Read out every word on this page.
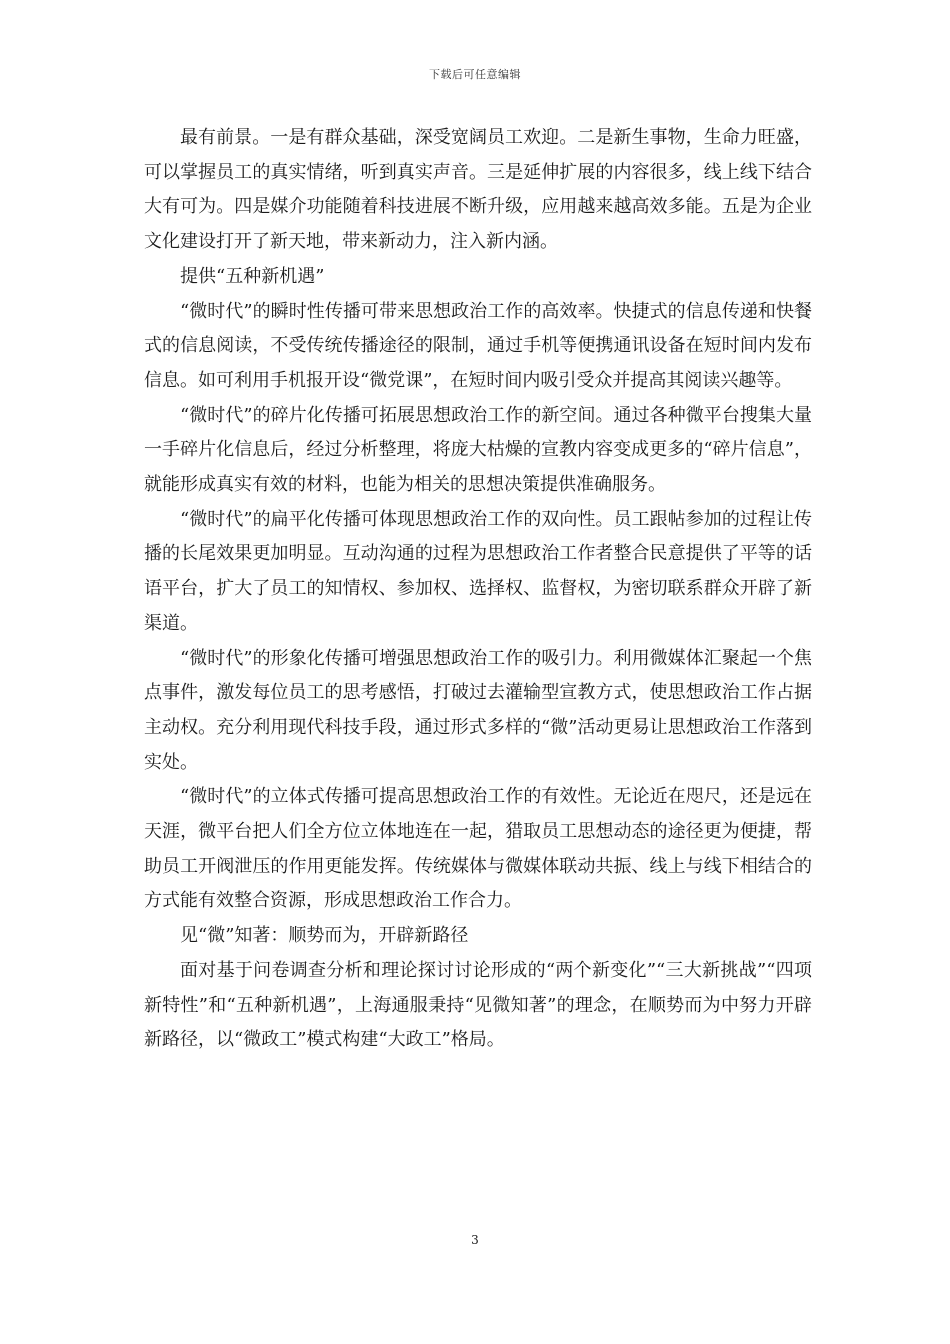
下载后可任意编辑

最有前景。一是有群众基础，深受宽阔员工欢迎。二是新生事物，生命力旺盛，可以掌握员工的真实情绪，听到真实声音。三是延伸扩展的内容很多，线上线下结合大有可为。四是媒介功能随着科技进展不断升级，应用越来越高效多能。五是为企业文化建设打开了新天地，带来新动力，注入新内涵。

提供“五种新机遇”

“微时代”的瞬时性传播可带来思想政治工作的高效率。快捷式的信息传递和快餐式的信息阅读，不受传统传播途径的限制，通过手机等便携通讯设备在短时间内发布信息。如可利用手机报开设“微党课”，在短时间内吸引受众并提高其阅读兴趣等。

“微时代”的碎片化传播可拓展思想政治工作的新空间。通过各种微平台搜集大量一手碎片化信息后，经过分析整理，将庞大枯燥的宣教内容变成更多的“碎片信息”，就能形成真实有效的材料，也能为相关的思想决策提供准确服务。

“微时代”的扁平化传播可体现思想政治工作的双向性。员工跟帖参加的过程让传播的长尾效果更加明显。互动沟通的过程为思想政治工作者整合民意提供了平等的话语平台，扩大了员工的知情权、参加权、选择权、监督权，为密切联系群众开辟了新渠道。

“微时代”的形象化传播可增强思想政治工作的吸引力。利用微媒体汇聚起一个焦点事件，激发每位员工的思考感悟，打破过去灌输型宣教方式，使思想政治工作占据主动权。充分利用现代科技手段，通过形式多样的“微”活动更易让思想政治工作落到实处。

“微时代”的立体式传播可提高思想政治工作的有效性。无论近在咫尺，还是远在天涯，微平台把人们全方位立体地连在一起，猎取员工思想动态的途径更为便捷，帮助员工开阀泄压的作用更能发挥。传统媒体与微媒体联动共振、线上与线下相结合的方式能有效整合资源，形成思想政治工作合力。

见“微”知著：顺势而为，开辟新路径

面对基于问卷调查分析和理论探讨讨论形成的“两个新变化”“三大新挑战”“四项新特性”和“五种新机遇”，上海通服秉持“见微知著”的理念，在顺势而为中努力开辟新路径，以“微政工”模式构建“大政工”格局。

3
